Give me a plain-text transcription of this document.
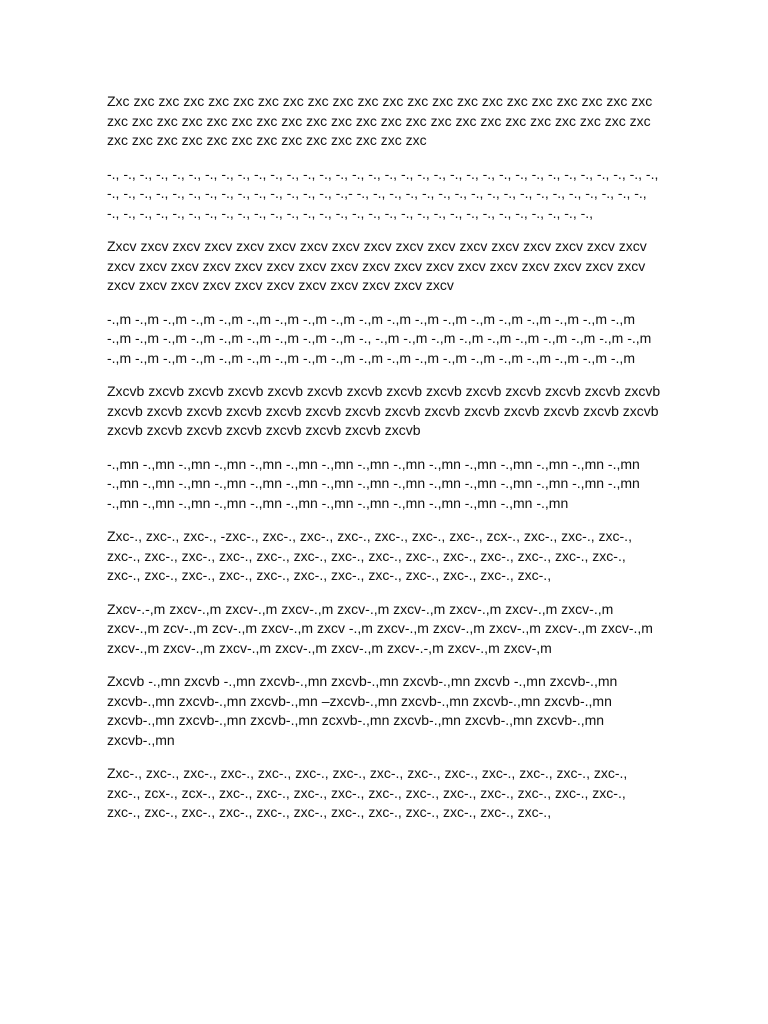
Zxc zxc zxc zxc zxc zxc zxc zxc zxc zxc zxc zxc zxc zxc zxc zxc zxc zxc zxc zxc zxc zxc zxc zxc zxc zxc zxc zxc zxc zxc zxc zxc zxc zxc zxc zxc zxc zxc zxc zxc zxc zxc zxc zxc zxc zxc zxc zxc zxc zxc zxc zxc zxc zxc zxc zxc zxc

-., -., -., -., -., -., -., -., -., -., -., -., -., -., -., -., -., -., -., -., -., -., -., -., -., -., -., -., -., -., -., -., -., -., -., -., -., -., -., -., -., -., -., -., -., -., -., -., -.,- -., -., -., -., -., -., -., -., -., -., -., -., -., -., -., -., -., -., -., -., -., -., -., -., -., -., -., -., -., -., -., -., -., -., -., -., -., -., -., -., -., -., -., -., -., -., -., -.,

Zxcv zxcv zxcv zxcv zxcv zxcv zxcv zxcv zxcv zxcv zxcv zxcv zxcv zxcv zxcv zxcv zxcv zxcv zxcv zxcv zxcv zxcv zxcv zxcv zxcv zxcv zxcv zxcv zxcv zxcv zxcv zxcv zxcv zxcv zxcv zxcv zxcv zxcv zxcv zxcv zxcv zxcv zxcv zxcv zxcv

-.,m -.,m -.,m -.,m -.,m -.,m -.,m -.,m -.,m -.,m -.,m -.,m -.,m -.,m -.,m -.,m -.,m -.,m -.,m -.,m -.,m -.,m -.,m -.,m -.,m -.,m -.,m -.,m -., -.,m -.,m -.,m -.,m -.,m -.,m -.,m -.,m -.,m -.,m -.,m -.,m -.,m -.,m -.,m -.,m -.,m -.,m -.,m -.,m -.,m -.,m -.,m -.,m -.,m -.,m -.,m -.,m -.,m

Zxcvb zxcvb zxcvb zxcvb zxcvb zxcvb zxcvb zxcvb zxcvb zxcvb zxcvb zxcvb zxcvb zxcvb zxcvb zxcvb zxcvb zxcvb zxcvb zxcvb zxcvb zxcvb zxcvb zxcvb zxcvb zxcvb zxcvb zxcvb zxcvb zxcvb zxcvb zxcvb zxcvb zxcvb zxcvb zxcvb

-.,mn -.,mn -.,mn -.,mn -.,mn -.,mn -.,mn -.,mn -.,mn -.,mn -.,mn -.,mn -.,mn -.,mn -.,mn -.,mn -.,mn -.,mn -.,mn -.,mn -.,mn -.,mn -.,mn -.,mn -.,mn -.,mn -.,mn -.,mn -.,mn -.,mn -.,mn -.,mn -.,mn -.,mn -.,mn -.,mn -.,mn -.,mn -.,mn -.,mn -.,mn -.,mn -.,mn

Zxc-., zxc-., zxc-., -zxc-., zxc-., zxc-., zxc-., zxc-., zxc-., zxc-., zcx-., zxc-., zxc-., zxc-., zxc-., zxc-., zxc-., zxc-., zxc-., zxc-., zxc-., zxc-., zxc-., zxc-., zxc-., zxc-., zxc-., zxc-., zxc-., zxc-., zxc-., zxc-., zxc-., zxc-., zxc-., zxc-., zxc-., zxc-., zxc-., zxc-.,

Zxcv-.-,m zxcv-.,m zxcv-.,m zxcv-.,m zxcv-.,m zxcv-.,m zxcv-.,m zxcv-.,m zxcv-.,m zxcv-.,m zcv-.,m zcv-.,m zxcv-.,m zxcv -.,m zxcv-.,m zxcv-.,m zxcv-.,m zxcv-.,m zxcv-.,m zxcv-.,m zxcv-.,m zxcv-.,m zxcv-.,m zxcv-.,m zxcv-.-,m zxcv-.,m zxcv-,m

Zxcvb -.,mn zxcvb -.,mn zxcvb-.,mn zxcvb-.,mn zxcvb-.,mn zxcvb -.,mn zxcvb-.,mn zxcvb-.,mn zxcvb-.,mn zxcvb-.,mn –zxcvb-.,mn zxcvb-.,mn zxcvb-.,mn zxcvb-.,mn zxcvb-.,mn zxcvb-.,mn zxcvb-.,mn zcxvb-.,mn zxcvb-.,mn zxcvb-.,mn zxcvb-.,mn zxcvb-.,mn

Zxc-., zxc-., zxc-., zxc-., zxc-., zxc-., zxc-., zxc-., zxc-., zxc-., zxc-., zxc-., zxc-., zxc-., zxc-., zcx-., zcx-., zxc-., zxc-., zxc-., zxc-., zxc-., zxc-., zxc-., zxc-., zxc-., zxc-., zxc-., zxc-., zxc-., zxc-., zxc-., zxc-., zxc-., zxc-., zxc-., zxc-., zxc-., zxc-., zxc-.,
